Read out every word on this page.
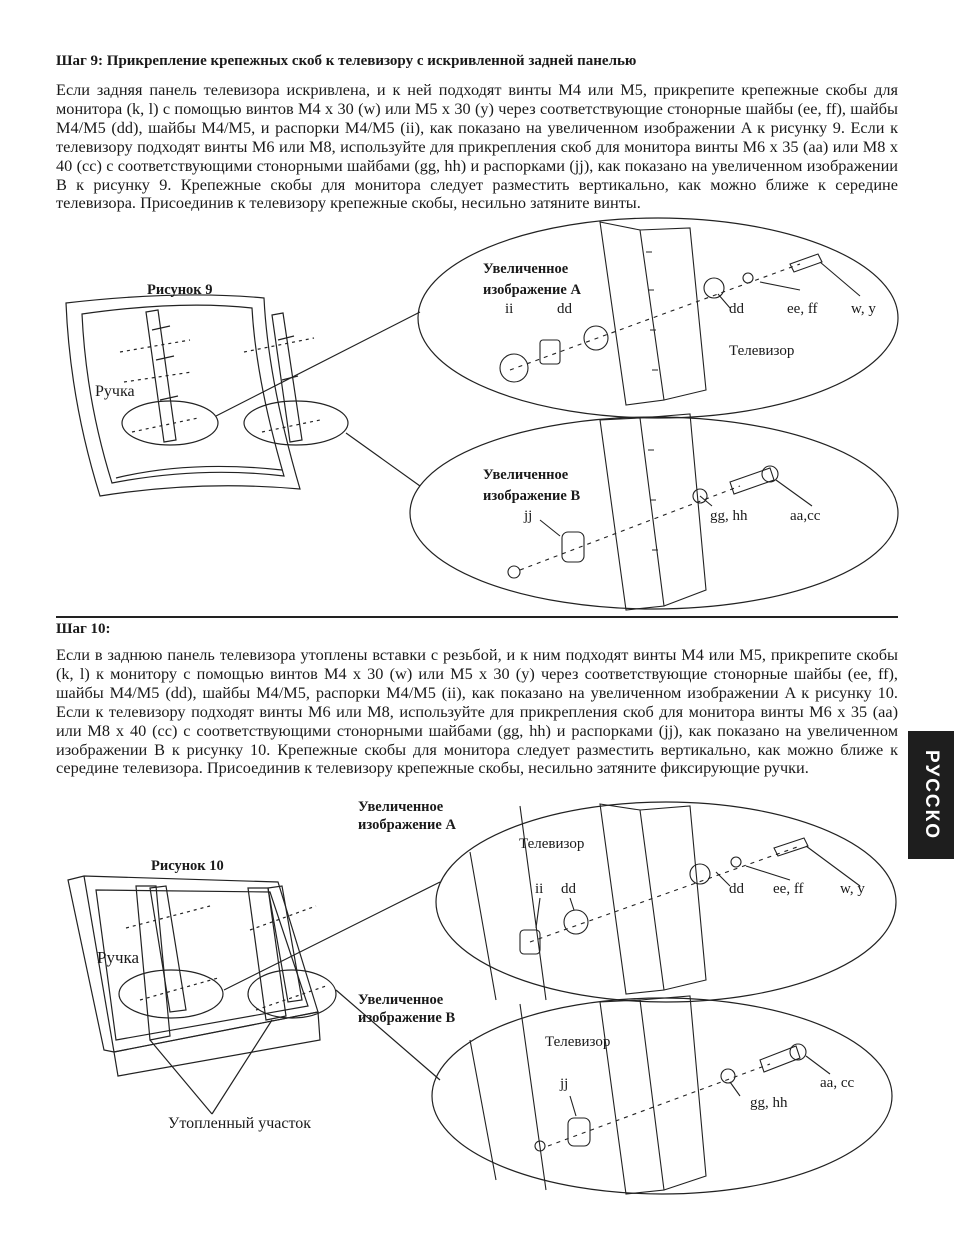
Шаг 9: Прикрепление крепежных скоб к телевизору с искривленной задней панелью
Если задняя панель телевизора искривлена, и к ней подходят винты M4 или M5, прикрепите крепежные скобы для монитора (k, l) с помощью винтов M4 x 30 (w) или M5 x 30 (y) через соответствующие стонорные шайбы (ee, ff), шайбы M4/M5 (dd), шайбы M4/M5, и распорки M4/M5 (ii), как показано на увеличенном изображении A к рисунку 9. Если к телевизору подходят винты M6 или M8, используйте для прикрепления скоб для монитора винты M6 x 35 (aa) или M8 x 40 (cc) с соответствующими стонорными шайбами (gg, hh) и распорками (jj), как показано на увеличенном изображении B к рисунку 9. Крепежные скобы для монитора следует разместить вертикально, как можно ближе к середине телевизора. Присоединив к телевизору крепежные скобы, несильно затяните винты.
Рисунок 9
Ручка
Увеличенное
изображение A
ii	dd	dd	ee, ff w, y
Телевизор
Увеличенное
изображение B
jj	gg, hh	aa,cc
Шаг 10:
Если в заднюю панель телевизора утоплены вставки с резьбой, и к ним подходят винты M4 или M5, прикрепите скобы (k, l) к монитору с помощью винтов M4 x 30 (w) или M5 x 30 (y) через соответствующие стонорные шайбы (ee, ff), шайбы M4/M5 (dd), шайбы M4/M5, распорки M4/M5 (ii), как показано на увеличенном изображении A к рисунку 10. Если к телевизору подходят винты M6 или M8, используйте для прикрепления скоб для монитора винты M6 x 35 (aa) или M8 x 40 (cc) с соответствующими стонорными шайбами (gg, hh) и распорками (jj), как показано на увеличенном изображении B к рисунку 10. Крепежные скобы для монитора следует разместить вертикально, как можно ближе к середине телевизора. Присоединив к телевизору крепежные скобы, несильно затяните фиксирующие ручки.	РУССКО
Рисунок 10
Ручка
Утопленный участок
Увеличенное
изображение A
Телевизор
ii dd	dd ee, ff w, y
Увеличенное
изображение B
Телевизор
jj
gg, hh
aa, cc
